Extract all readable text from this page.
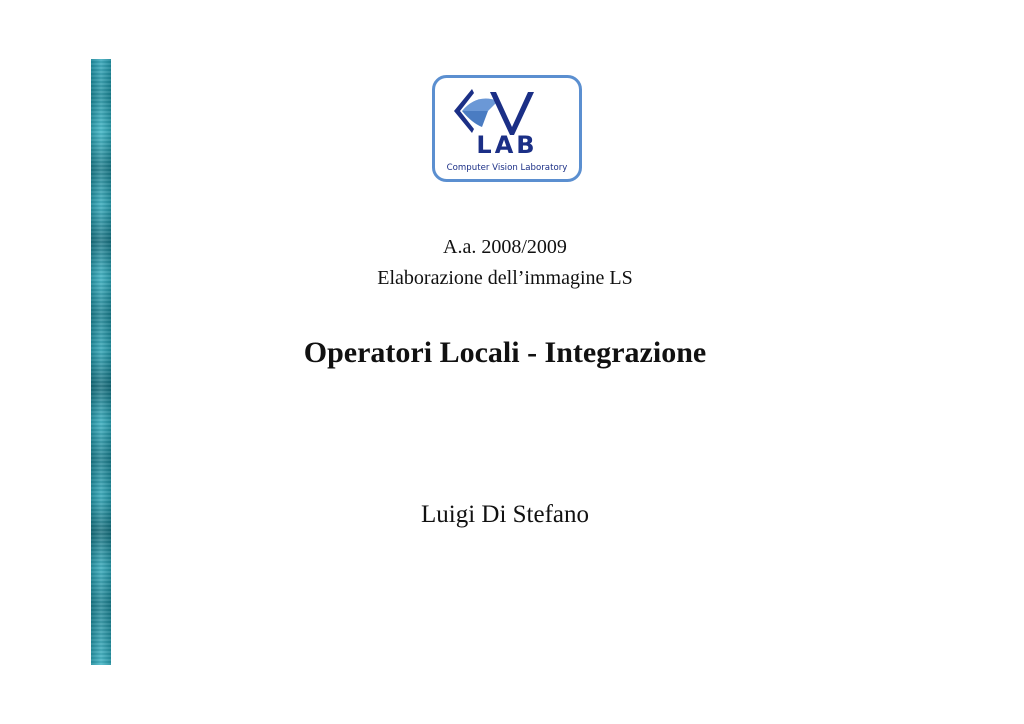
LAB
Computer Vision Laboratory
A.a. 2008/2009
Elaborazione dell’immagine LS
Operatori Locali - Integrazione
Luigi Di Stefano
